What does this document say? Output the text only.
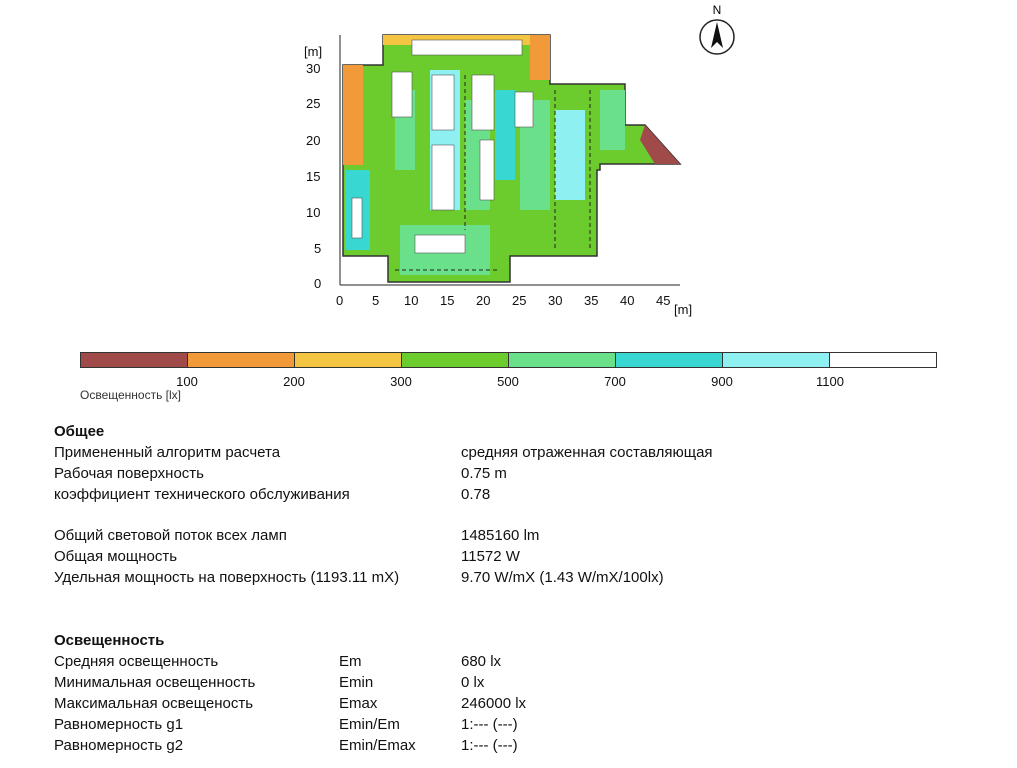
[m]
30
25
20
15
10
5
0
0 5 10 15 20 25 30 35 40 45
[m]
N
100	200	300	500	700	900	1100
Освещенность [lx]
Общее
Примененный алгоритм расчета	средняя отраженная составляющая
Рабочая поверхность	0.75 m
коэффициент технического обслуживания	0.78
Общий световой поток всех ламп	1485160 lm
Общая мощность	11572 W
Удельная мощность на поверхность (1193.11 mX)	9.70 W/mX (1.43 W/mX/100lx)
Освещенность
Средняя освещенность	Em	680 lx
Минимальная освещенность	Emin	0 lx
Максимальная освещеность	Emax	246000 lx
Равномерность g1	Emin/Em	1:--- (---)
Равномерность g2	Emin/Emax	1:--- (---)
